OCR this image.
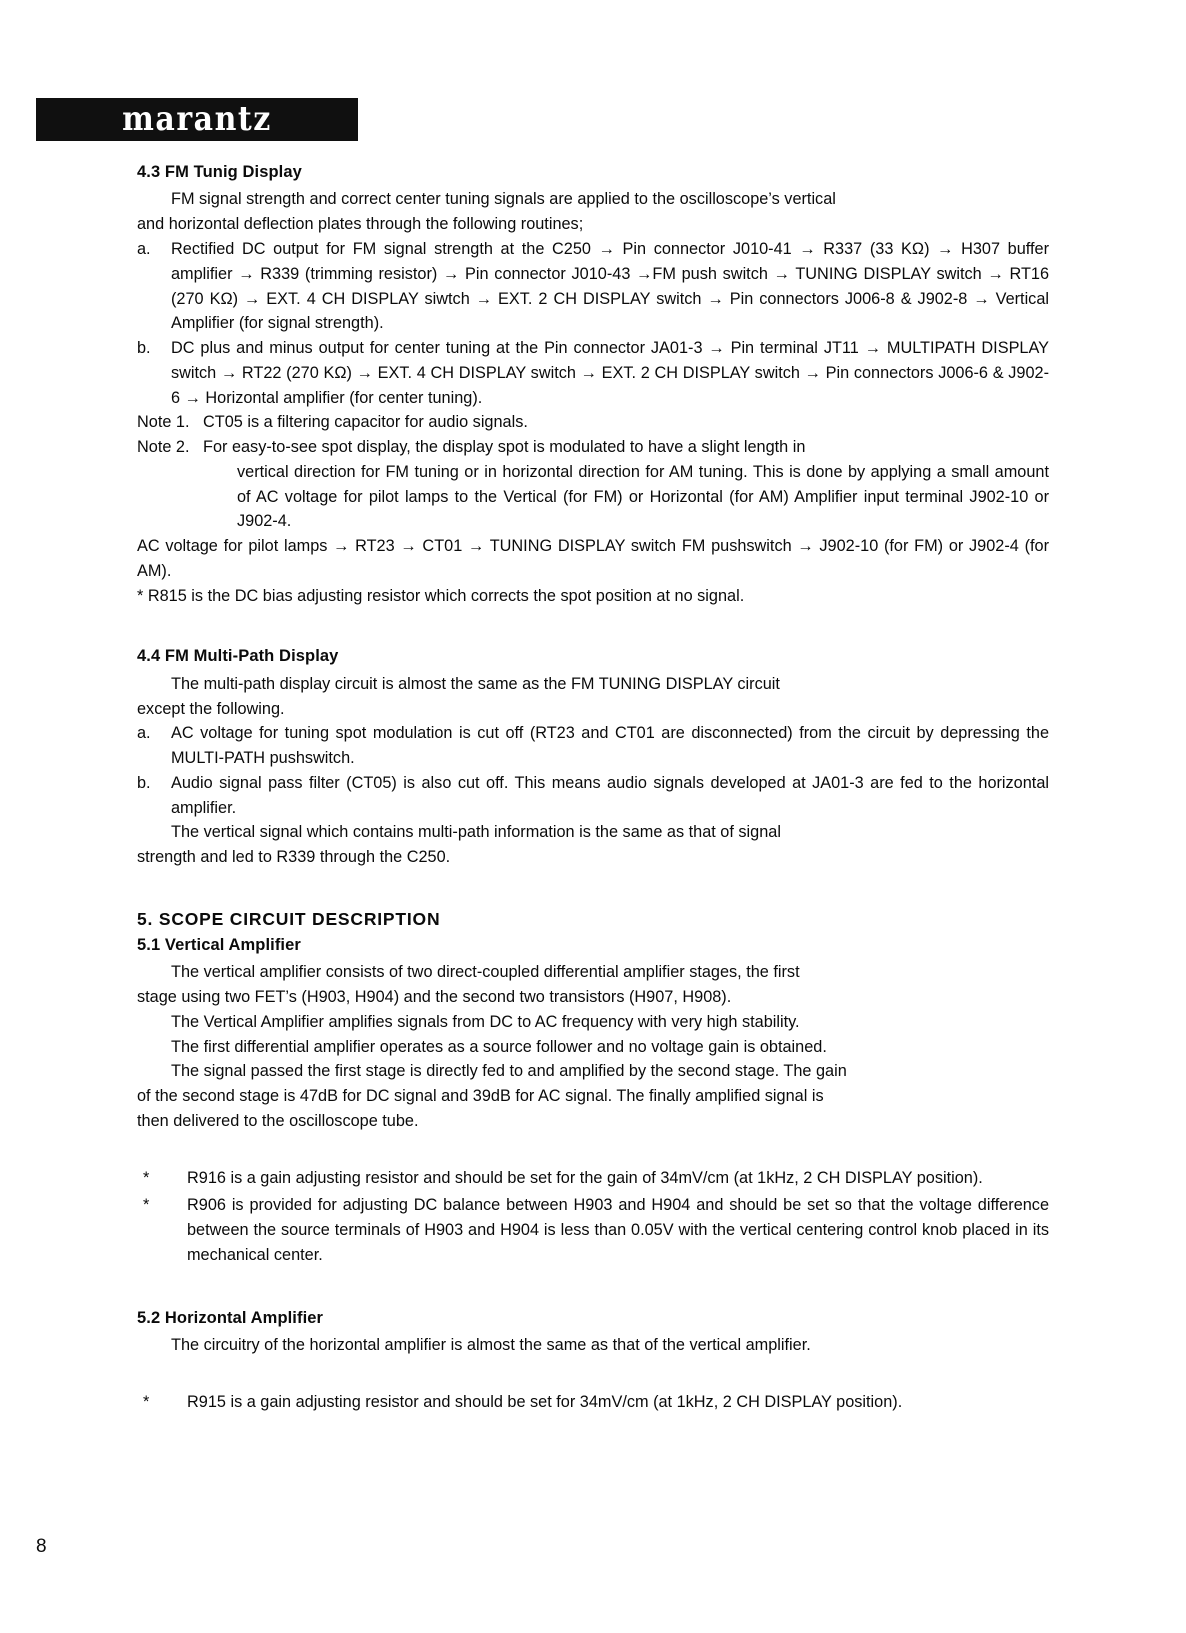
marantz
4.3 FM Tunig Display

FM signal strength and correct center tuning signals are applied to the oscilloscope’s vertical

and horizontal deflection plates through the following routines;

a.	Rectified DC output for FM signal strength at the C250 → Pin connector J010-41 → R337 (33 KΩ) → H307 buffer amplifier → R339 (trimming resistor) → Pin connector J010-43 →FM push switch → TUNING DISPLAY switch → RT16 (270 KΩ) → EXT. 4 CH DISPLAY siwtch → EXT. 2 CH DISPLAY switch → Pin connectors J006-8 & J902-8 → Vertical Amplifier (for signal strength).
b.	DC plus and minus output for center tuning at the Pin connector JA01-3 → Pin terminal JT11 → MULTIPATH DISPLAY switch → RT22 (270 KΩ) → EXT. 4 CH DISPLAY switch → EXT. 2 CH DISPLAY switch → Pin connectors J006-6 & J902-6 → Horizontal amplifier (for center tuning).
Note 1. CT05 is a filtering capacitor for audio signals.
Note 2. For easy-to-see spot display, the display spot is modulated to have a slight length in
vertical direction for FM tuning or in horizontal direction for AM tuning. This is done by applying a small amount of AC voltage for pilot lamps to the Vertical (for FM) or Horizontal (for AM) Amplifier input terminal J902-10 or J902-4.

AC voltage for pilot lamps → RT23 → CT01 → TUNING DISPLAY switch FM pushswitch → J902-10 (for FM) or J902-4 (for AM).

* R815 is the DC bias adjusting resistor which corrects the spot position at no signal.

4.4 FM Multi-Path Display

The multi-path display circuit is almost the same as the FM TUNING DISPLAY circuit

except the following.

a.	AC voltage for tuning spot modulation is cut off (RT23 and CT01 are disconnected) from the circuit by depressing the MULTI-PATH pushswitch.
b.	Audio signal pass filter (CT05) is also cut off. This means audio signals developed at JA01-3 are fed to the horizontal amplifier.

The vertical signal which contains multi-path information is the same as that of signal

strength and led to R339 through the C250.

5. SCOPE CIRCUIT DESCRIPTION
5.1 Vertical Amplifier

The vertical amplifier consists of two direct-coupled differential amplifier stages, the first

stage using two FET’s (H903, H904) and the second two transistors (H907, H908).

The Vertical Amplifier amplifies signals from DC to AC frequency with very high stability.

The first differential amplifier operates as a source follower and no voltage gain is obtained.

The signal passed the first stage is directly fed to and amplified by the second stage. The gain

of the second stage is 47dB for DC signal and 39dB for AC signal. The finally amplified signal is

then delivered to the oscilloscope tube.

*	R916 is a gain adjusting resistor and should be set for the gain of 34mV/cm (at 1kHz, 2 CH DISPLAY position).
*	R906 is provided for adjusting DC balance between H903 and H904 and should be set so that the voltage difference between the source terminals of H903 and H904 is less than 0.05V with the vertical centering control knob placed in its mechanical center.
5.2 Horizontal Amplifier

The circuitry of the horizontal amplifier is almost the same as that of the vertical amplifier.

*	R915 is a gain adjusting resistor and should be set for 34mV/cm (at 1kHz, 2 CH DISPLAY position).
8
